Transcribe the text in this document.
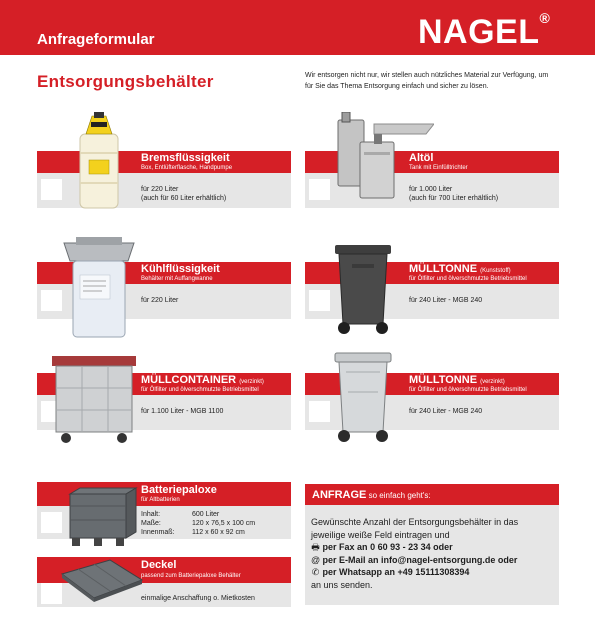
Anfrageformular	NAGEL®
Entsorgungsbehälter	Wir entsorgen nicht nur, wir stellen auch nützliches Material zur Verfügung, um für Sie das Thema Entsorgung einfach und sicher zu lösen.
Bremsflüssigkeit
Box, Entlüfterflasche, Handpumpe
für 220 Liter
(auch für 60 Liter erhältlich)
Altöl
Tank mit Einfülltrichter
für 1.000 Liter
(auch für 700 Liter erhältlich)
Kühlflüssigkeit
Behälter mit Auffangwanne
für 220 Liter
MÜLLTONNE (Kunststoff)
für Ölfilter und ölverschmutzte Betriebsmittel
für 240 Liter - MGB 240
MÜLLCONTAINER (verzinkt)
für Ölfilter und ölverschmutzte Betriebsmittel
für 1.100 Liter - MGB 1100
MÜLLTONNE (verzinkt)
für Ölfilter und ölverschmutzte Betriebsmittel
für 240 Liter - MGB 240
Batteriepaloxe
für Altbatterien
Inhalt:	600 Liter
Maße:	120 x 76,5 x 100 cm
Innenmaß:	112 x 60 x 92 cm
Deckel
passend zum Batteriepaloxe Behälter
einmalige Anschaffung o. Mietkosten
ANFRAGE so einfach geht's:
Gewünschte Anzahl der Entsorgungsbehälter in das
jeweilige weiße Feld eintragen und
🖶 per Fax an 0 60 93 - 23 34 oder
@ per E-Mail an info@nagel-entsorgung.de oder
✆ per Whatsapp an +49 15111308394
an uns senden.
